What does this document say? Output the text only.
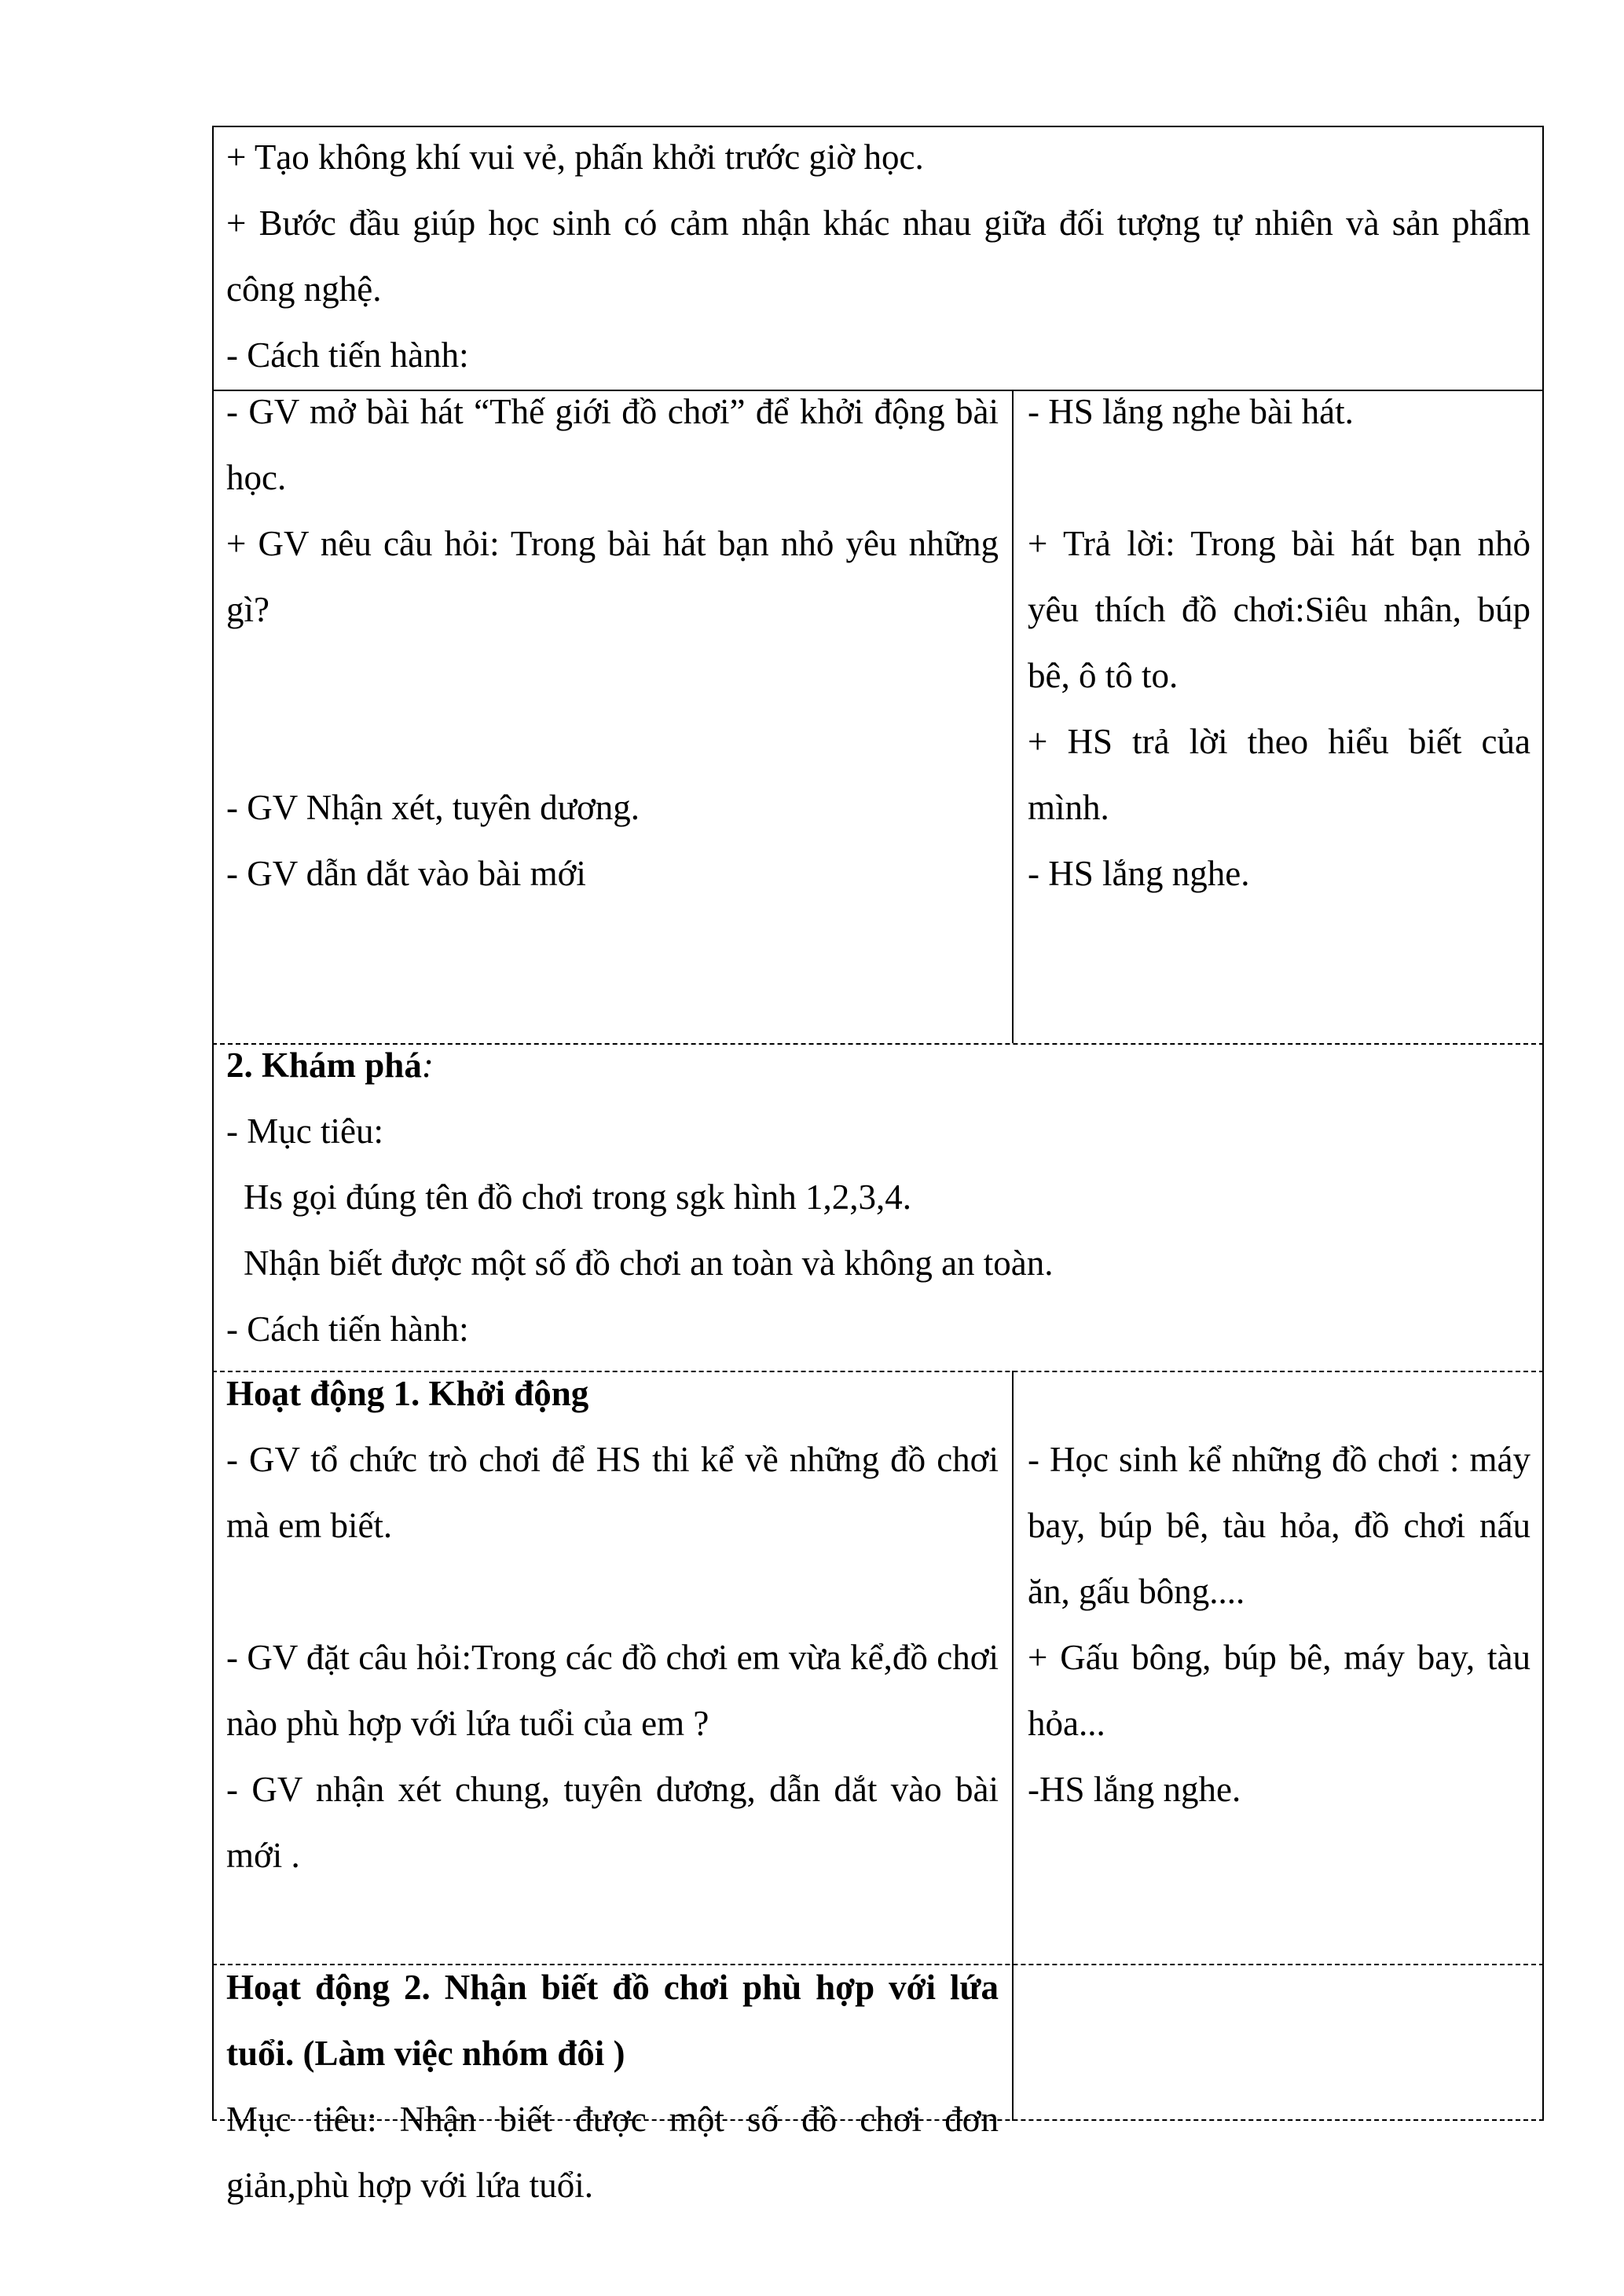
+ Tạo không khí vui vẻ, phấn khởi trước giờ học.

+ Bước đầu giúp học sinh có cảm nhận khác nhau giữa đối tượng tự nhiên và sản phẩm công nghệ.

- Cách tiến hành:

- GV mở bài hát “Thế giới đồ chơi” để khởi động bài học.

+ GV nêu câu hỏi: Trong bài hát bạn nhỏ yêu những gì?

- GV Nhận xét, tuyên dương.

- GV dẫn dắt vào bài mới

- HS lắng nghe bài hát.

+ Trả lời: Trong bài hát bạn nhỏ yêu thích đồ chơi:Siêu nhân, búp bê, ô tô to.

+ HS trả lời theo hiểu biết của mình.

- HS lắng nghe.

2. Khám phá:

- Mục tiêu:

Hs gọi đúng tên đồ chơi trong sgk hình 1,2,3,4.

Nhận biết được một số đồ chơi an toàn và không an toàn.

- Cách tiến hành:

Hoạt động 1. Khởi động

- GV tổ chức trò chơi để HS thi kể về những đồ chơi mà em biết.

- GV đặt câu hỏi:Trong các đồ chơi em vừa kể,đồ chơi nào phù hợp với lứa tuổi của em ?

- GV nhận xét chung, tuyên dương, dẫn dắt vào bài mới .

- Học sinh kể những đồ chơi : máy bay, búp bê, tàu hỏa, đồ chơi nấu ăn, gấu bông....

+ Gấu bông, búp bê, máy bay, tàu hỏa...

-HS lắng nghe.

Hoạt động 2. Nhận biết đồ chơi phù hợp với lứa tuổi. (Làm việc nhóm đôi )

Mục tiêu: Nhận biết được một số đồ chơi đơn giản,phù hợp với lứa tuổi.
